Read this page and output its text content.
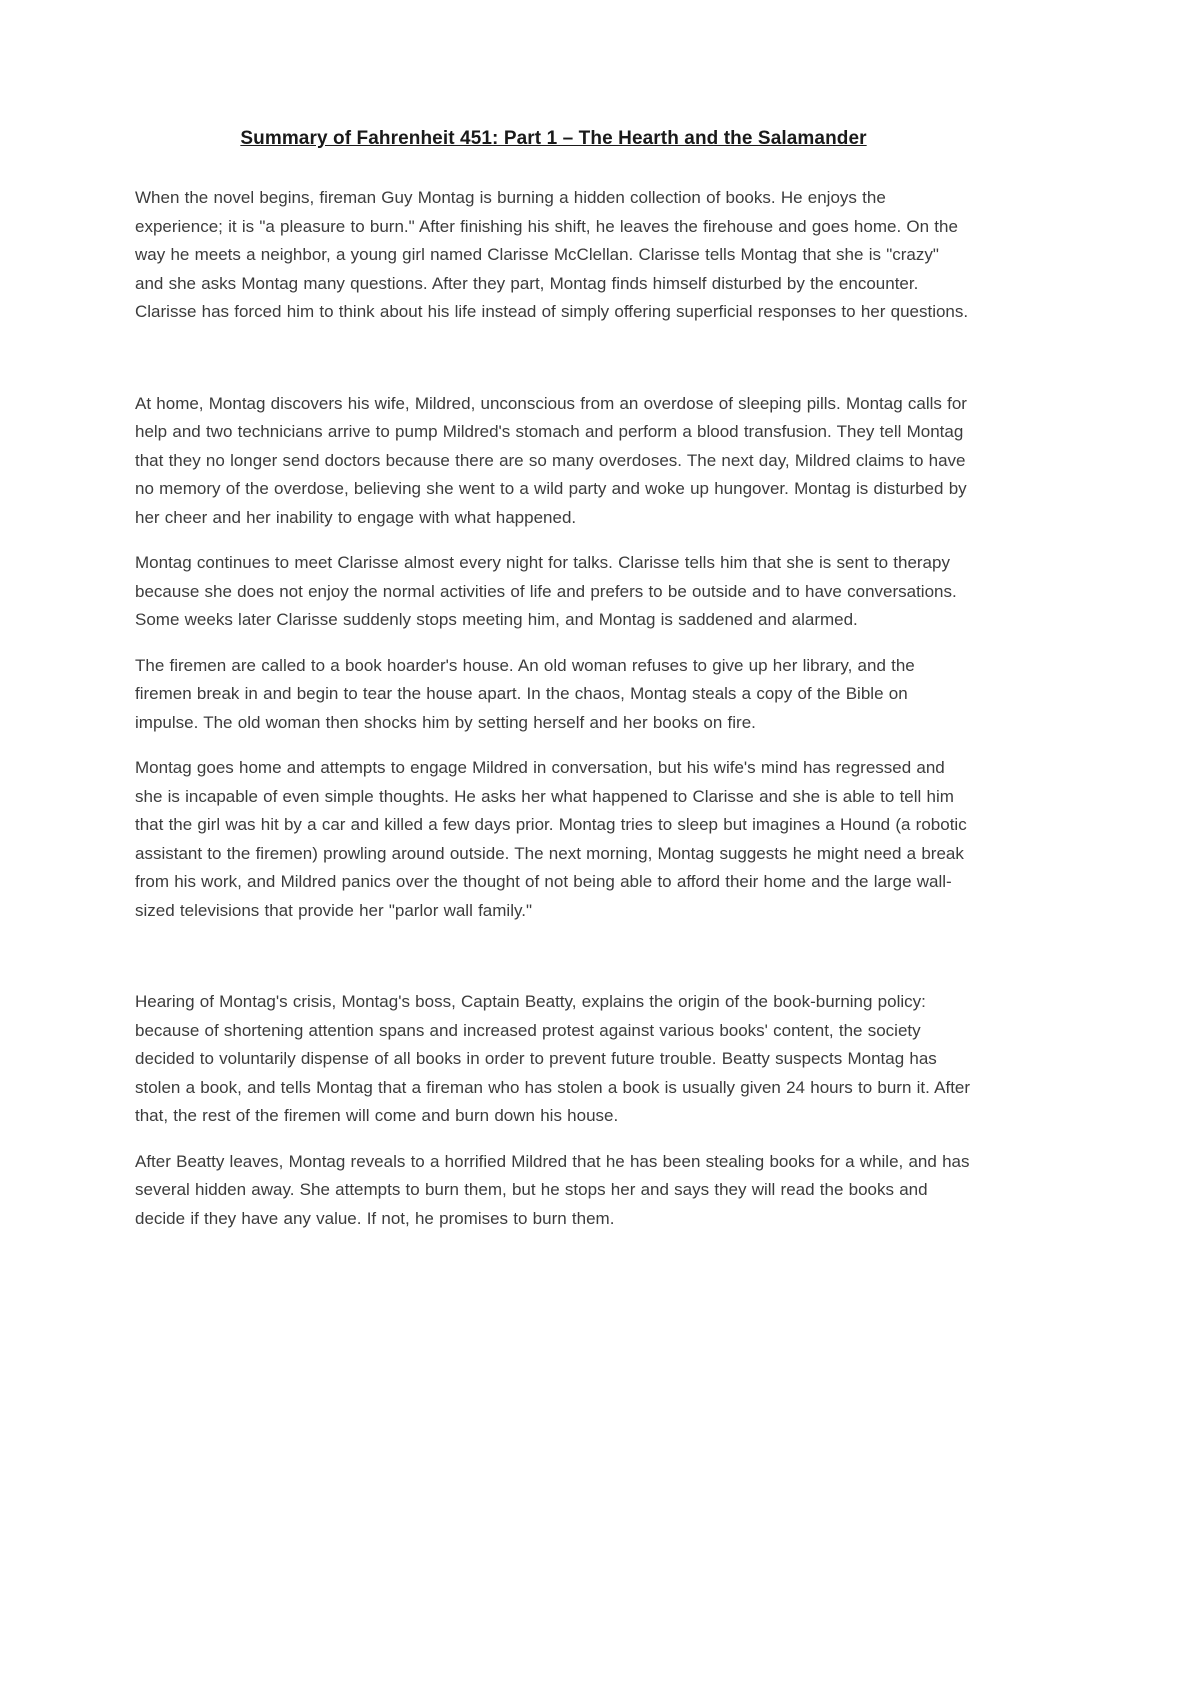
Summary of Fahrenheit 451: Part 1 – The Hearth and the Salamander

When the novel begins, fireman Guy Montag is burning a hidden collection of books. He enjoys the experience; it is "a pleasure to burn." After finishing his shift, he leaves the firehouse and goes home. On the way he meets a neighbor, a young girl named Clarisse McClellan. Clarisse tells Montag that she is "crazy" and she asks Montag many questions. After they part, Montag finds himself disturbed by the encounter. Clarisse has forced him to think about his life instead of simply offering superficial responses to her questions.

At home, Montag discovers his wife, Mildred, unconscious from an overdose of sleeping pills. Montag calls for help and two technicians arrive to pump Mildred's stomach and perform a blood transfusion. They tell Montag that they no longer send doctors because there are so many overdoses. The next day, Mildred claims to have no memory of the overdose, believing she went to a wild party and woke up hungover. Montag is disturbed by her cheer and her inability to engage with what happened.

Montag continues to meet Clarisse almost every night for talks. Clarisse tells him that she is sent to therapy because she does not enjoy the normal activities of life and prefers to be outside and to have conversations. Some weeks later Clarisse suddenly stops meeting him, and Montag is saddened and alarmed.

The firemen are called to a book hoarder's house. An old woman refuses to give up her library, and the firemen break in and begin to tear the house apart. In the chaos, Montag steals a copy of the Bible on impulse. The old woman then shocks him by setting herself and her books on fire.

Montag goes home and attempts to engage Mildred in conversation, but his wife's mind has regressed and she is incapable of even simple thoughts. He asks her what happened to Clarisse and she is able to tell him that the girl was hit by a car and killed a few days prior. Montag tries to sleep but imagines a Hound (a robotic assistant to the firemen) prowling around outside. The next morning, Montag suggests he might need a break from his work, and Mildred panics over the thought of not being able to afford their home and the large wall-sized televisions that provide her "parlor wall family."

Hearing of Montag's crisis, Montag's boss, Captain Beatty, explains the origin of the book-burning policy: because of shortening attention spans and increased protest against various books' content, the society decided to voluntarily dispense of all books in order to prevent future trouble. Beatty suspects Montag has stolen a book, and tells Montag that a fireman who has stolen a book is usually given 24 hours to burn it. After that, the rest of the firemen will come and burn down his house.

After Beatty leaves, Montag reveals to a horrified Mildred that he has been stealing books for a while, and has several hidden away. She attempts to burn them, but he stops her and says they will read the books and decide if they have any value. If not, he promises to burn them.
